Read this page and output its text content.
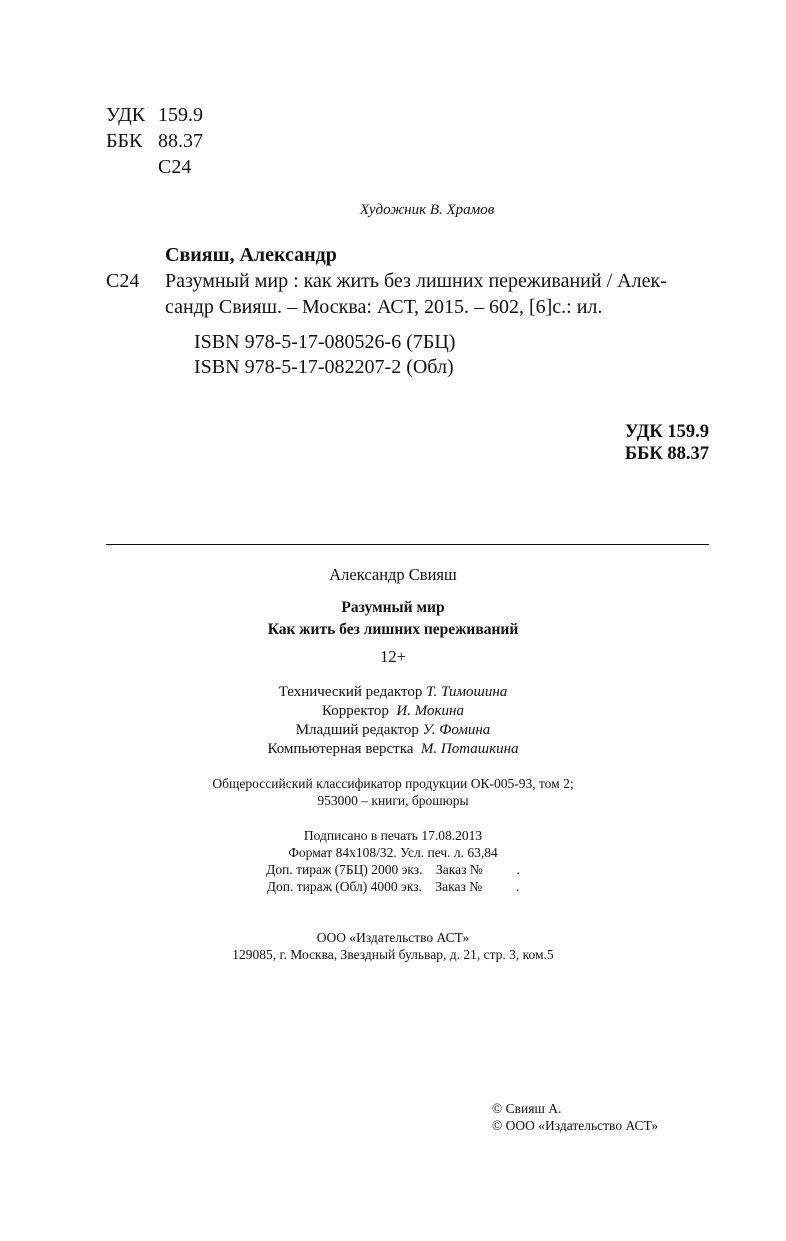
УДК 159.9
ББК 88.37
С24
Художник В. Храмов
Свияш, Александр
С24 Разумный мир : как жить без лишних переживаний / Алек-
сандр Свияш. – Москва: АСТ, 2015. – 602, [6]с.: ил.
ISBN 978-5-17-080526-6 (7БЦ)
ISBN 978-5-17-082207-2 (Обл)
УДК 159.9
ББК 88.37
Александр Свияш
Разумный мир
Как жить без лишних переживаний
12+
Технический редактор Т. Тимошина
Корректор И. Мокина
Младший редактор У. Фомина
Компьютерная верстка М. Поташкина
Общероссийский классификатор продукции ОК-005-93, том 2;
953000 – книги, брошюры
Подписано в печать 17.08.2013
Формат 84x108/32. Усл. печ. л. 63,84
Доп. тираж (7БЦ) 2000 экз.    Заказ №          .
Доп. тираж (Обл) 4000 экз.    Заказ №          .
ООО «Издательство АСТ»
129085, г. Москва, Звездный бульвар, д. 21, стр. 3, ком.5
© Свияш А.
© ООО «Издательство АСТ»
